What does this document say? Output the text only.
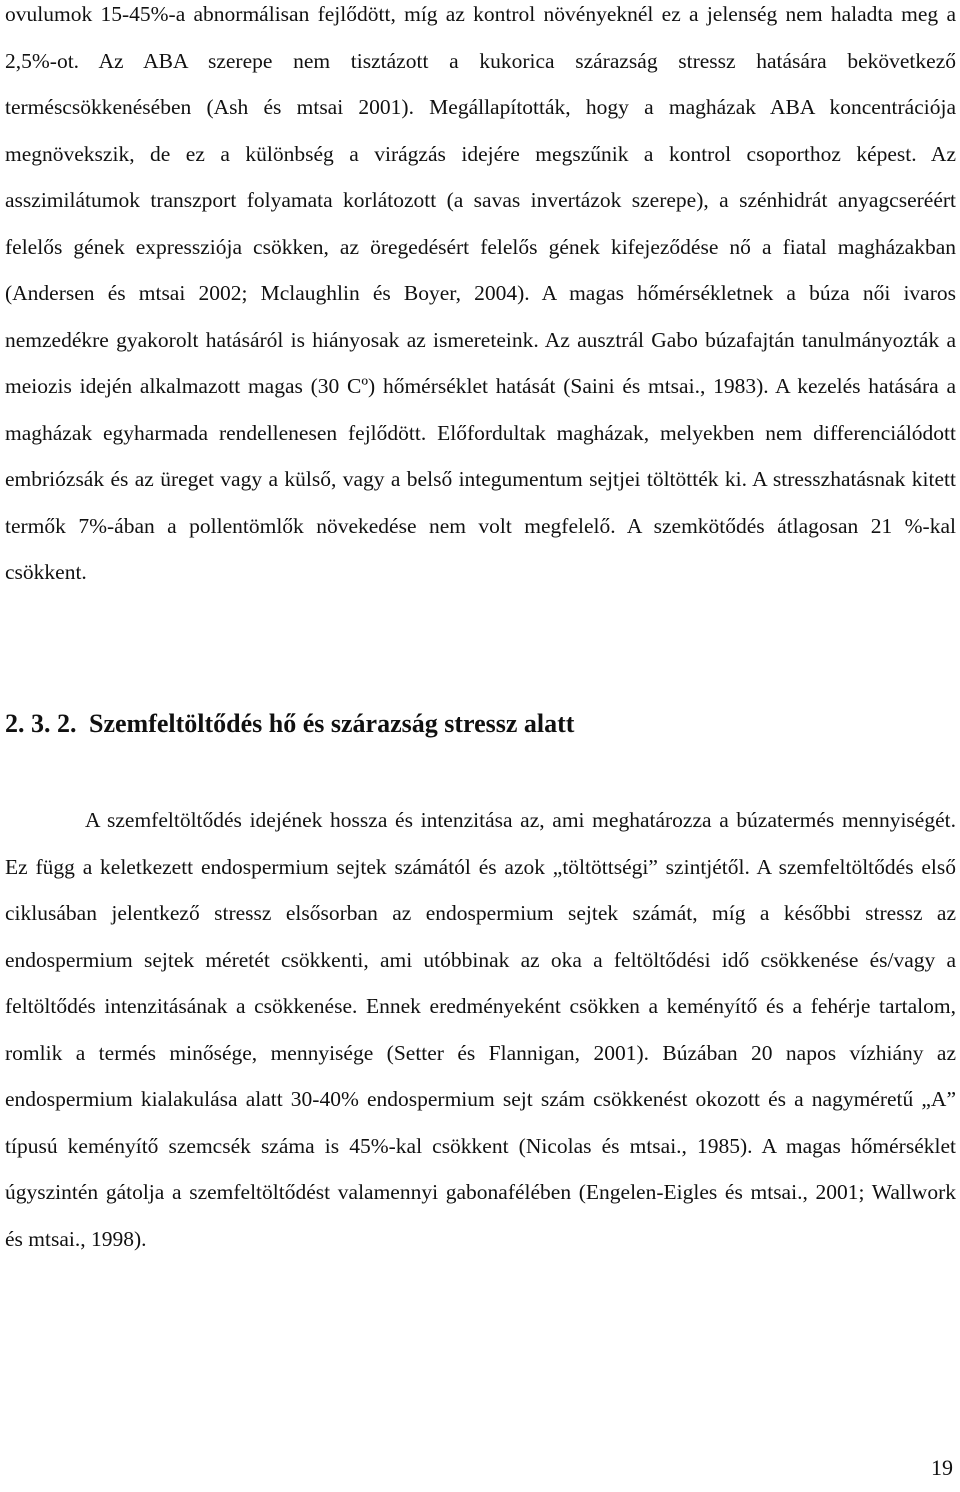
ovulumok 15-45%-a abnormálisan fejlődött, míg az kontrol növényeknél ez a jelenség nem haladta meg a 2,5%-ot. Az ABA szerepe nem tisztázott a kukorica szárazság stressz hatására bekövetkező terméscsökkenésében (Ash és mtsai 2001). Megállapították, hogy a magházak ABA koncentrációja megnövekszik, de ez a különbség a virágzás idejére megszűnik a kontrol csoporthoz képest. Az asszimilátumok transzport folyamata korlátozott (a savas invertázok szerepe), a szénhidrát anyagcseréért felelős gének expressziója csökken, az öregedésért felelős gének kifejeződése nő a fiatal magházakban (Andersen és mtsai 2002; Mclaughlin és Boyer, 2004). A magas hőmérsékletnek a búza női ivaros nemzedékre gyakorolt hatásáról is hiányosak az ismereteink. Az ausztrál Gabo búzafajtán tanulmányozták a meiozis idején alkalmazott magas (30 Cº) hőmérséklet hatását (Saini és mtsai., 1983). A kezelés hatására a magházak egyharmada rendellenesen fejlődött. Előfordultak magházak, melyekben nem differenciálódott embriózsák és az üreget vagy a külső, vagy a belső integumentum sejtjei töltötték ki. A stresszhatásnak kitett termők 7%-ában a pollentömlők növekedése nem volt megfelelő. A szemkötődés átlagosan 21 %-kal csökkent.

2. 3. 2. Szemfeltöltődés hő és szárazság stressz alatt

A szemfeltöltődés idejének hossza és intenzitása az, ami meghatározza a búzatermés mennyiségét. Ez függ a keletkezett endospermium sejtek számától és azok „töltöttségi” szintjétől. A szemfeltöltődés első ciklusában jelentkező stressz elsősorban az endospermium sejtek számát, míg a későbbi stressz az endospermium sejtek méretét csökkenti, ami utóbbinak az oka a feltöltődési idő csökkenése és/vagy a feltöltődés intenzitásának a csökkenése. Ennek eredményeként csökken a keményítő és a fehérje tartalom, romlik a termés minősége, mennyisége (Setter és Flannigan, 2001). Búzában 20 napos vízhiány az endospermium kialakulása alatt 30-40% endospermium sejt szám csökkenést okozott és a nagyméretű „A” típusú keményítő szemcsék száma is 45%-kal csökkent (Nicolas és mtsai., 1985). A magas hőmérséklet úgyszintén gátolja a szemfeltöltődést valamennyi gabonafélében (Engelen-Eigles és mtsai., 2001; Wallwork és mtsai., 1998).

19
